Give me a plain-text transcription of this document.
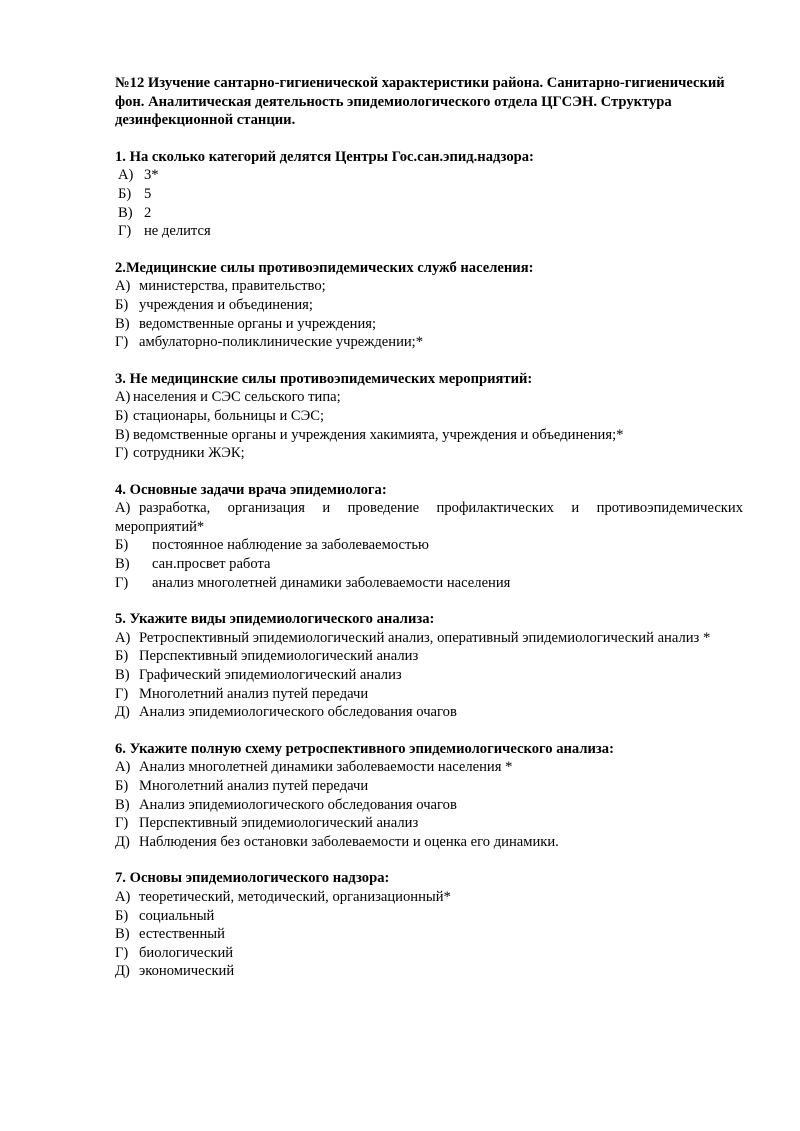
№12 Изучение сантарно-гигиенической характеристики района. Санитарно-гигиенический фон. Аналитическая деятельность эпидемиологического отдела ЦГСЭН. Структура дезинфекционной станции.
1. На сколько категорий делятся Центры Гос.сан.эпид.надзора:
А) 3*
Б) 5
В) 2
Г) не делится
2.Медицинские силы противоэпидемических служб населения:
А) министерства, правительство;
Б) учреждения и объединения;
В) ведомственные органы и учреждения;
Г) амбулаторно-поликлинические учреждении;*
3. Не медицинские силы противоэпидемических мероприятий:
А) населения и СЭС сельского типа;
Б) стационары, больницы и СЭС;
В) ведомственные органы и учреждения хакимията, учреждения и объединения;*
Г) сотрудники ЖЭК;
4. Основные задачи врача эпидемиолога:
А) разработка, организация и проведение профилактических и противоэпидемических мероприятий*
Б) постоянное наблюдение за заболеваемостью
В) сан.просвет работа
Г) анализ многолетней динамики заболеваемости населения
5. Укажите виды эпидемиологического анализа:
А) Ретроспективный эпидемиологический анализ, оперативный эпидемиологический анализ *
Б) Перспективный эпидемиологический анализ
В) Графический эпидемиологический анализ
Г) Многолетний анализ путей передачи
Д) Анализ эпидемиологического обследования очагов
6. Укажите полную схему ретроспективного эпидемиологического анализа:
А) Анализ многолетней динамики заболеваемости населения *
Б) Многолетний анализ путей передачи
В) Анализ эпидемиологического обследования очагов
Г) Перспективный эпидемиологический анализ
Д) Наблюдения без остановки заболеваемости и оценка его динамики.
7. Основы эпидемиологического надзора:
А) теоретический, методический, организационный*
Б) социальный
В) естественный
Г) биологический
Д) экономический
